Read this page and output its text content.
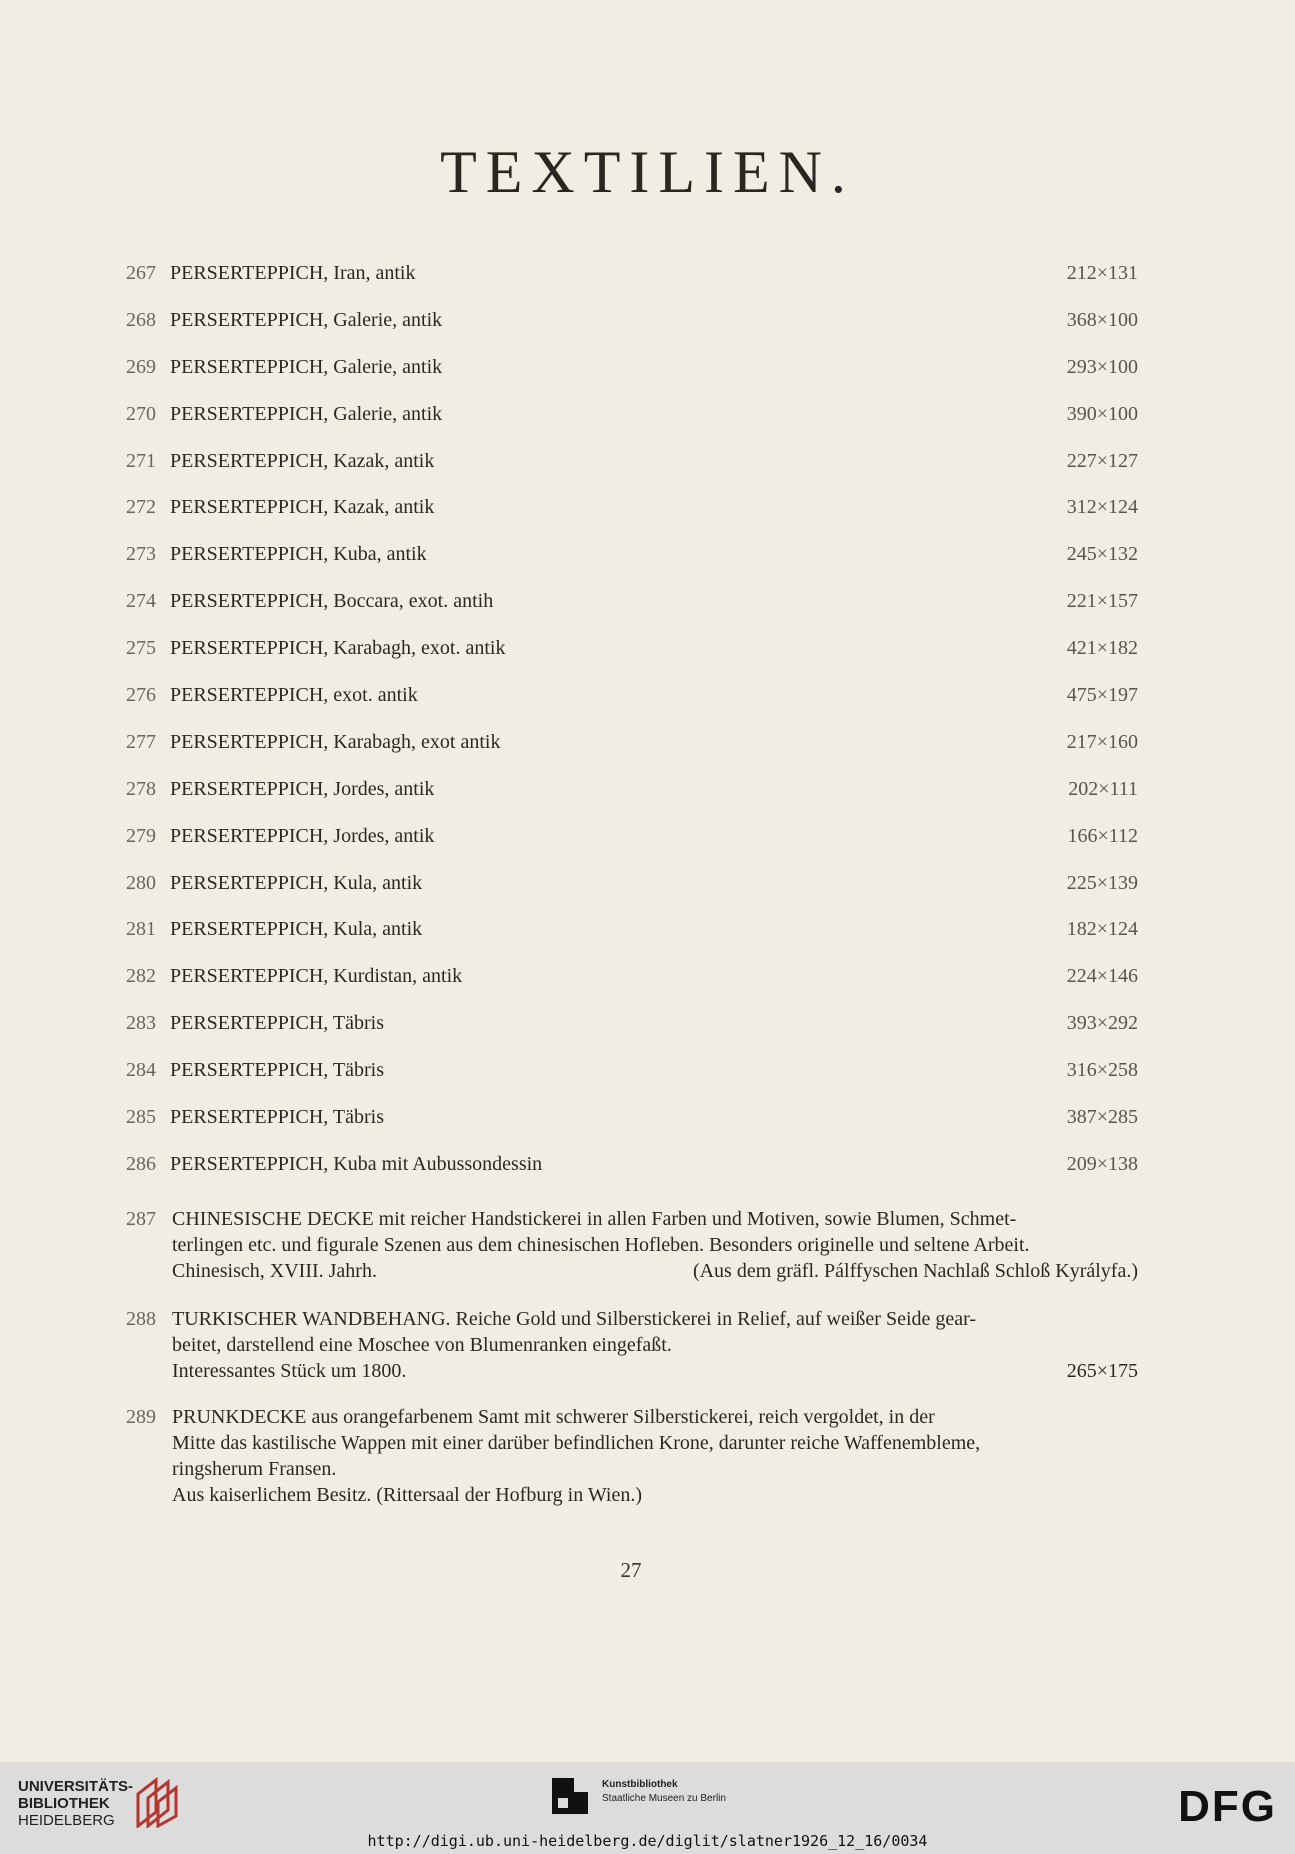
TEXTILIEN.
267 PERSERTEPPICH, Iran, antik	212×131
268 PERSERTEPPICH, Galerie, antik	368×100
269 PERSERTEPPICH, Galerie, antik	293×100
270 PERSERTEPPICH, Galerie, antik	390×100
271 PERSERTEPPICH, Kazak, antik	227×127
272 PERSERTEPPICH, Kazak, antik	312×124
273 PERSERTEPPICH, Kuba, antik	245×132
274 PERSERTEPPICH, Boccara, exot. antih	221×157
275 PERSERTEPPICH, Karabagh, exot. antik	421×182
276 PERSERTEPPICH, exot. antik	475×197
277 PERSERTEPPICH, Karabagh, exot antik	217×160
278 PERSERTEPPICH, Jordes, antik	202×111
279 PERSERTEPPICH, Jordes, antik	166×112
280 PERSERTEPPICH, Kula, antik	225×139
281 PERSERTEPPICH, Kula, antik	182×124
282 PERSERTEPPICH, Kurdistan, antik	224×146
283 PERSERTEPPICH, Täbris	393×292
284 PERSERTEPPICH, Täbris	316×258
285 PERSERTEPPICH, Täbris	387×285
286 PERSERTEPPICH, Kuba mit Aubussondessin	209×138
287 CHINESISCHE DECKE mit reicher Handstickerei in allen Farben und Motiven, sowie Blumen, Schmet-
terlingen etc. und figurale Szenen aus dem chinesischen Hofleben. Besonders originelle und seltene Arbeit.
Chinesisch, XVIII. Jahrh.	(Aus dem gräfl. Pálffyschen Nachlaß Schloß Kyrályfa.)
288 TURKISCHER WANDBEHANG. Reiche Gold und Silberstickerei in Relief, auf weißer Seide gear-
beitet, darstellend eine Moschee von Blumenranken eingefaßt.
Interessantes Stück um 1800.	265×175
289 PRUNKDECKE aus orangefarbenem Samt mit schwerer Silberstickerei, reich vergoldet, in der
Mitte das kastilische Wappen mit einer darüber befindlichen Krone, darunter reiche Waffenembleme,
ringsherum Fransen.
Aus kaiserlichem Besitz. (Rittersaal der Hofburg in Wien.)
27
UNIVERSITÄTS-
BIBLIOTHEK
HEIDELBERG
Kunstbibliothek
Staatliche Museen zu Berlin	DFG
http://digi.ub.uni-heidelberg.de/diglit/slatner1926_12_16/0034
